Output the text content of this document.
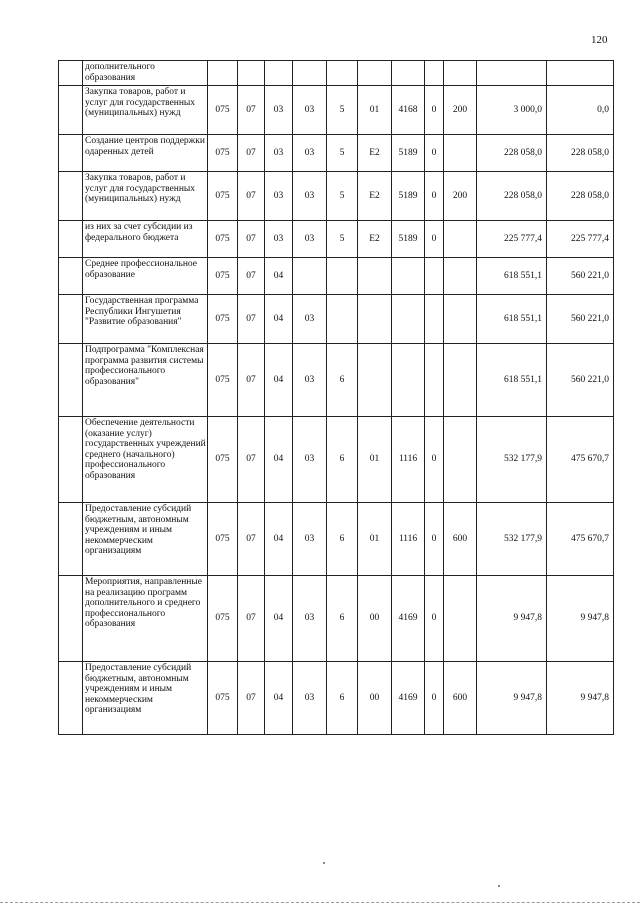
120
	дополнительного образования											
	Закупка товаров, работ и услуг для государственных (муниципальных) нужд	075	07	03	03	5	01	4168	0	200	3 000,0	0,0
	Создание центров поддержки одаренных детей	075	07	03	03	5	E2	5189	0		228 058,0	228 058,0
	Закупка товаров, работ и услуг для государственных (муниципальных) нужд	075	07	03	03	5	E2	5189	0	200	228 058,0	228 058,0
	из них за счет субсидии из федерального бюджета	075	07	03	03	5	E2	5189	0		225 777,4	225 777,4
	Среднее профессиональное образование	075	07	04							618 551,1	560 221,0
	Государственная программа Республики Ингушетия "Развитие образования"	075	07	04	03						618 551,1	560 221,0
	Подпрограмма "Комплексная программа развития системы профессионального образования"	075	07	04	03	6					618 551,1	560 221,0
	Обеспечение деятельности (оказание услуг) государственных учреждений среднего (начального) профессионального образования	075	07	04	03	6	01	1116	0		532 177,9	475 670,7
	Предоставление субсидий бюджетным, автономным учреждениям и иным некоммерческим организациям	075	07	04	03	6	01	1116	0	600	532 177,9	475 670,7
	Мероприятия, направленные на реализацию программ дополнительного и среднего профессионального образования	075	07	04	03	6	00	4169	0		9 947,8	9 947,8
	Предоставление субсидий бюджетным, автономным учреждениям и иным некоммерческим организациям	075	07	04	03	6	00	4169	0	600	9 947,8	9 947,8
